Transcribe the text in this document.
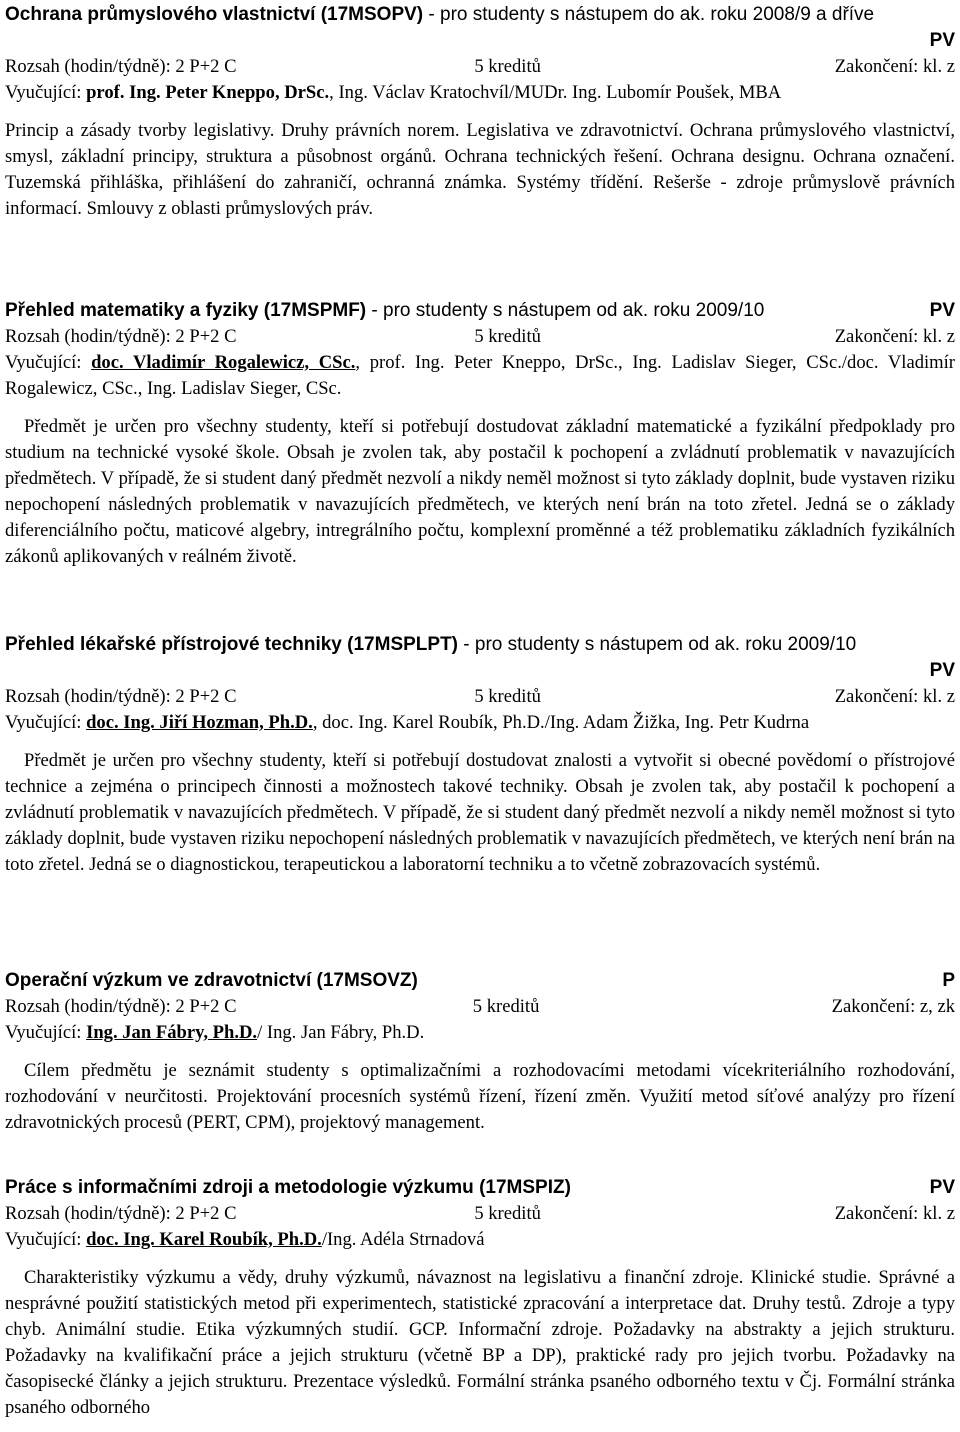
Ochrana průmyslového vlastnictví (17MSOPV) - pro studenty s nástupem do ak. roku 2008/9 a dříve
PV
Rozsah (hodin/týdně): 2 P+2 C	5 kreditů	Zakončení: kl. z

Vyučující: prof. Ing. Peter Kneppo, DrSc., Ing. Václav Kratochvíl/MUDr. Ing. Lubomír Poušek, MBA

Princip a zásady tvorby legislativy. Druhy právních norem. Legislativa ve zdravotnictví. Ochrana průmyslového vlastnictví, smysl, základní principy, struktura a působnost orgánů. Ochrana technických řešení. Ochrana designu. Ochrana označení. Tuzemská přihláška, přihlášení do zahraničí, ochranná známka. Systémy třídění. Rešerše - zdroje průmyslově právních informací. Smlouvy z oblasti průmyslových práv.

Přehled matematiky a fyziky (17MSPMF) - pro studenty s nástupem od ak. roku 2009/10	PV
Rozsah (hodin/týdně): 2 P+2 C	5 kreditů	Zakončení: kl. z

Vyučující: doc. Vladimír Rogalewicz, CSc., prof. Ing. Peter Kneppo, DrSc., Ing. Ladislav Sieger, CSc./doc. Vladimír Rogalewicz, CSc., Ing. Ladislav Sieger, CSc.

Předmět je určen pro všechny studenty, kteří si potřebují dostudovat základní matematické a fyzikální předpoklady pro studium na technické vysoké škole. Obsah je zvolen tak, aby postačil k pochopení a zvládnutí problematik v navazujících předmětech. V případě, že si student daný předmět nezvolí a nikdy neměl možnost si tyto základy doplnit, bude vystaven riziku nepochopení následných problematik v navazujících předmětech, ve kterých není brán na toto zřetel. Jedná se o základy diferenciálního počtu, maticové algebry, intregrálního počtu, komplexní proměnné a též problematiku základních fyzikálních zákonů aplikovaných v reálném životě.

Přehled lékařské přístrojové techniky (17MSPLPT) - pro studenty s nástupem od ak. roku 2009/10
PV
Rozsah (hodin/týdně): 2 P+2 C	5 kreditů	Zakončení: kl. z

Vyučující: doc. Ing. Jiří Hozman, Ph.D., doc. Ing. Karel Roubík, Ph.D./Ing. Adam Žižka, Ing. Petr Kudrna

Předmět je určen pro všechny studenty, kteří si potřebují dostudovat znalosti a vytvořit si obecné povědomí o přístrojové technice a zejména o principech činnosti a možnostech takové techniky. Obsah je zvolen tak, aby postačil k pochopení a zvládnutí problematik v navazujících předmětech. V případě, že si student daný předmět nezvolí a nikdy neměl možnost si tyto základy doplnit, bude vystaven riziku nepochopení následných problematik v navazujících předmětech, ve kterých není brán na toto zřetel. Jedná se o diagnostickou, terapeutickou a laboratorní techniku a to včetně zobrazovacích systémů.

Operační výzkum ve zdravotnictví (17MSOVZ)	P
Rozsah (hodin/týdně): 2 P+2 C	5 kreditů	Zakončení: z, zk

Vyučující: Ing. Jan Fábry, Ph.D./ Ing. Jan Fábry, Ph.D.

Cílem předmětu je seznámit studenty s optimalizačními a rozhodovacími metodami vícekriteriálního rozhodování, rozhodování v neurčitosti. Projektování procesních systémů řízení, řízení změn. Využití metod síťové analýzy pro řízení zdravotnických procesů (PERT, CPM), projektový management.

Práce s informačními zdroji a metodologie výzkumu (17MSPIZ)	PV
Rozsah (hodin/týdně): 2 P+2 C	5 kreditů	Zakončení: kl. z

Vyučující: doc. Ing. Karel Roubík, Ph.D./Ing. Adéla Strnadová

Charakteristiky výzkumu a vědy, druhy výzkumů, návaznost na legislativu a finanční zdroje. Klinické studie. Správné a nesprávné použití statistických metod při experimentech, statistické zpracování a interpretace dat. Druhy testů. Zdroje a typy chyb. Animální studie. Etika výzkumných studií. GCP. Informační zdroje. Požadavky na abstrakty a jejich strukturu. Požadavky na kvalifikační práce a jejich strukturu (včetně BP a DP), praktické rady pro jejich tvorbu. Požadavky na časopisecké články a jejich strukturu. Prezentace výsledků. Formální stránka psaného odborného textu v Čj. Formální stránka psaného odborného
